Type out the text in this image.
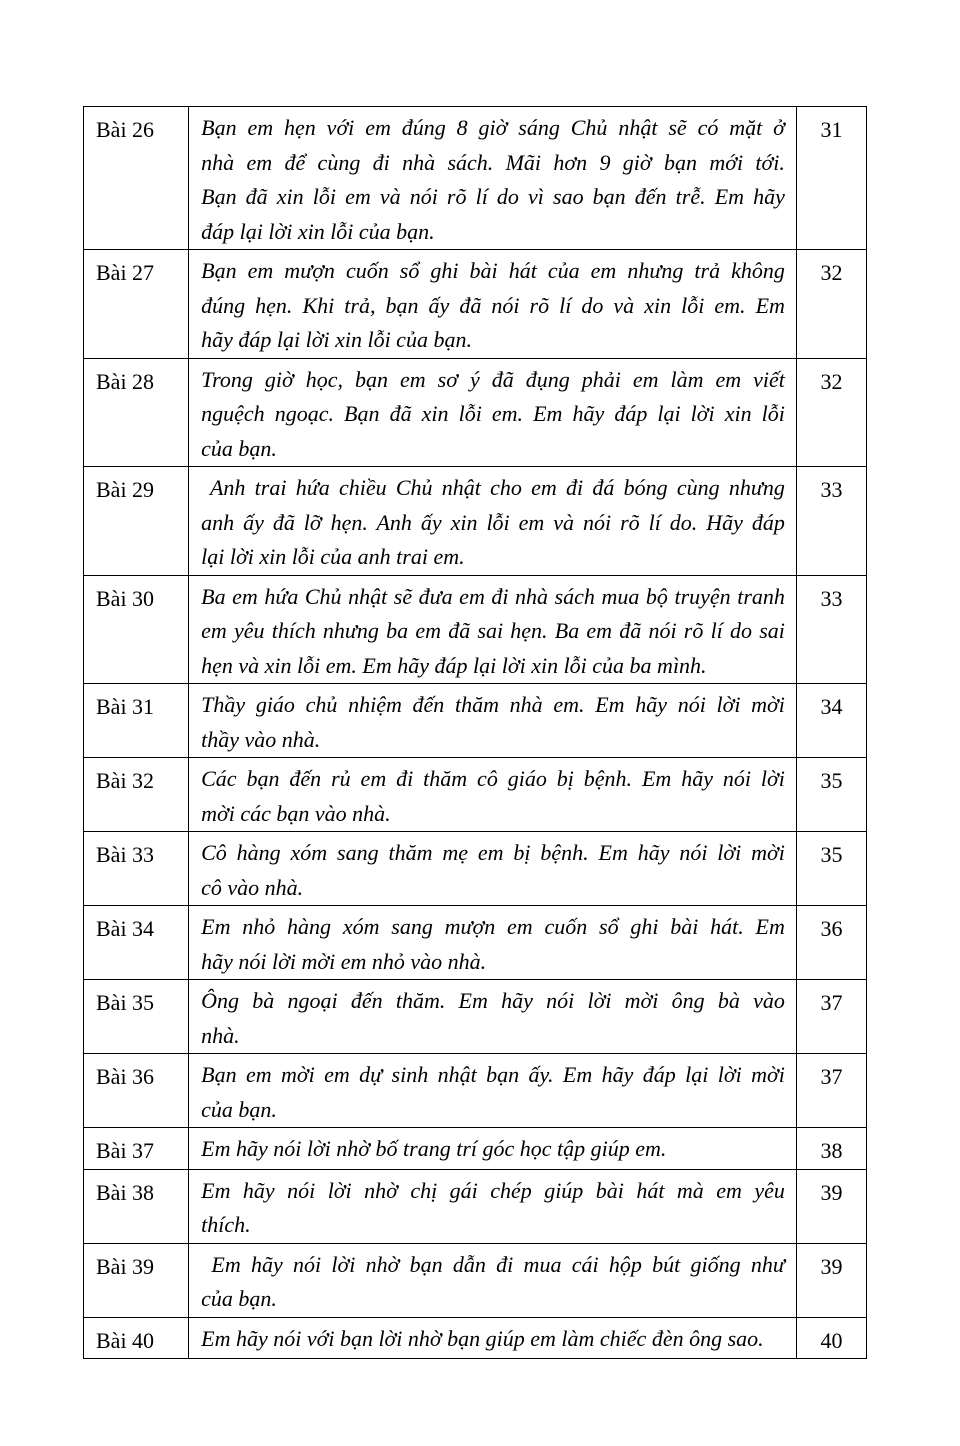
Bài 26	Bạn em hẹn với em đúng 8 giờ sáng Chủ nhật sẽ có mặt ở
nhà em để cùng đi nhà sách. Mãi hơn 9 giờ bạn mới tới.
Bạn đã xin lỗi em và nói rõ lí do vì sao bạn đến trễ. Em hãy
đáp lại lời xin lỗi của bạn.	31
Bài 27	Bạn em mượn cuốn sổ ghi bài hát của em nhưng trả không
đúng hẹn. Khi trả, bạn ấy đã nói rõ lí do và xin lỗi em. Em
hãy đáp lại lời xin lỗi của bạn.	32
Bài 28	Trong giờ học, bạn em sơ ý đã đụng phải em làm em viết
nguệch ngoạc. Bạn đã xin lỗi em. Em hãy đáp lại lời xin lỗi
của bạn.	32
Bài 29	Anh trai hứa chiều Chủ nhật cho em đi đá bóng cùng nhưng
anh ấy đã lỡ hẹn. Anh ấy xin lỗi em và nói rõ lí do. Hãy đáp
lại lời xin lỗi của anh trai em.	33
Bài 30	Ba em hứa Chủ nhật sẽ đưa em đi nhà sách mua bộ truyện tranh
em yêu thích nhưng ba em đã sai hẹn. Ba em đã nói rõ lí do sai
hẹn và xin lỗi em. Em hãy đáp lại lời xin lỗi của ba mình.	33
Bài 31	Thầy giáo chủ nhiệm đến thăm nhà em. Em hãy nói lời mời
thầy vào nhà.	34
Bài 32	Các bạn đến rủ em đi thăm cô giáo bị bệnh. Em hãy nói lời
mời các bạn vào nhà.	35
Bài 33	Cô hàng xóm sang thăm mẹ em bị bệnh. Em hãy nói lời mời
cô vào nhà.	35
Bài 34	Em nhỏ hàng xóm sang mượn em cuốn sổ ghi bài hát. Em
hãy nói lời mời em nhỏ vào nhà.	36
Bài 35	Ông bà ngoại đến thăm. Em hãy nói lời mời ông bà vào
nhà.	37
Bài 36	Bạn em mời em dự sinh nhật bạn ấy. Em hãy đáp lại lời mời
của bạn.	37
Bài 37	Em hãy nói lời nhờ bố trang trí góc học tập giúp em.	38
Bài 38	Em hãy nói lời nhờ chị gái chép giúp bài hát mà em yêu
thích.	39
Bài 39	Em hãy nói lời nhờ bạn dẫn đi mua cái hộp bút giống như
của bạn.	39
Bài 40	Em hãy nói với bạn lời nhờ bạn giúp em làm chiếc đèn ông sao.	40
